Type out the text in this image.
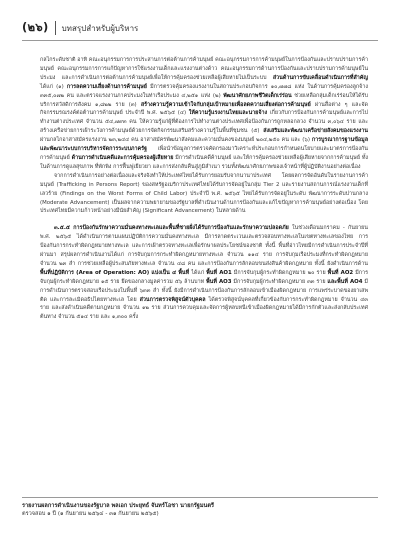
(๒๖) บทสรุปสำหรับผู้บริหาร

กลไกระดับชาติ อาทิ คณะอนุกรรมการการประสานการต่อต้านการค้ามนุษย์ คณะอนุกรรมการการค้ามนุษย์ในการป้องกันและปราบปรามการค้ามนุษย์ คณะอนุกรรมการการแก้ปัญหาการใช้แรงงานเด็กและแรงงานต่างด้าว คณะอนุกรรมการด้านการป้องกันและปราบปรามการค้ามนุษย์ในประมง และการดำเนินการต่อต้านการค้ามนุษย์เพื่อให้การคุ้มครองช่วยเหลือผู้เสียหายไม่เป็นระบบ ส่วนด้านการขับเคลื่อนดำเนินการที่สำคัญ ได้แก่ (๑) การลดความเสี่ยงด้านการค้ามนุษย์ มีการตรวจคุ้มครองแรงงานในสถานประกอบกิจการ ๑๐,๗๗๘ แห่ง ในด้านการคุ้มครองลูกจ้าง ๓๓๕,๐๗๒ คน และตรวจแรงงานภาคประมงในท่าเรือประมง ๔,๒๕๑ แห่ง (๒) พัฒนาศักยภาพชีวิตเด็กเร่ร่อน ช่วยเหลือกลุ่มเด็กเร่ร่อนให้ได้รับบริการสวัสดิการสังคม ๑,๘๒๒ ราย (๓) สร้างความรู้ความเข้าใจกับกลุ่มเป้าหมายเพื่อลดความเสี่ยงต่อการค้ามนุษย์ ผ่านสื่อต่าง ๆ และจัดกิจกรรมรณรงค์ต่อต้านการค้ามนุษย์ ประจำปี พ.ศ. ๒๕๖๕ (๔) ให้ความรู้แรงงานไทยและนายจ้าง เกี่ยวกับการป้องกันการค้ามนุษย์และการไปทำงานต่างประเทศ จำนวน ๕๔,๗๙๓ คน ให้ความรู้แก่ผู้ที่ต้องการไปทำงานต่างประเทศเพื่อป้องกันการถูกหลอกลวง จำนวน ๓,๐๖๔ ราย และสร้างเครือข่ายการเฝ้าระวังการค้ามนุษย์ด้วยการจัดกิจกรรมเสริมสร้างความรู้ในพื้นที่ชุมชน (๕) ส่งเสริมและพัฒนาเครือข่ายสังคมของแรงงาน ผ่านกลไกอาสาสมัครแรงงาน ๒๓,๒๔๔ คน อาสาสมัครพัฒนาสังคมและความมั่นคงของมนุษย์ ๒๐๔,๒๕๐ คน และ (๖) การบูรณาการฐานข้อมูลและพัฒนาระบบการบริหารจัดการระบบภาครัฐ เพื่อนำข้อมูลการตรวจคัดกรองมาวิเคราะห์ประกอบการกำหนดนโยบายและมาตรการป้องกันการค้ามนุษย์ ด้านการดำเนินคดีและการคุ้มครองผู้เสียหาย มีการดำเนินคดีค้ามนุษย์ และให้การคุ้มครองช่วยเหลือผู้เสียหายจากการค้ามนุษย์ ทั้งในด้านการดูแลสุขภาพ ที่พักพิง การฟื้นฟูเยียวยา และการส่งกลับคืนสู่ภูมิลำเนา รวมทั้งพัฒนาศักยภาพของเจ้าหน้าที่ผู้ปฏิบัติงานอย่างต่อเนื่อง

จากการดำเนินการอย่างต่อเนื่องและจริงจังทำให้ประเทศไทยได้รับการยอมรับจากนานาประเทศ โดยผลการจัดอันดับในรายงานการค้ามนุษย์ (Trafficking in Persons Report) ของสหรัฐอเมริกาประเทศไทยได้รับการจัดอยู่ในกลุ่ม Tier 2 และรายงานสถานการณ์แรงงานเด็กที่เลวร้าย (Findings on the Worst Forms of Child Labor) ประจำปี พ.ศ. ๒๕๖๕ ไทยได้รับการจัดอยู่ในระดับ พัฒนาการระดับปานกลาง (Moderate Advancement) เป็นผลจากความพยายามของรัฐบาลที่ดำเนินงานด้านการป้องกันและแก้ไขปัญหาการค้ามนุษย์อย่างต่อเนื่อง โดยประเทศไทยมีความก้าวหน้าอย่างมีนัยสำคัญ (Significant Advancement) ในหลายด้าน

๓.๕.๕ การป้องกันรักษาความมั่นคงทางทะเลและพื้นที่ชายฝั่งได้รับการป้องกันและรักษาความปลอดภัย ในช่วงเดือนมกราคม - กันยายน พ.ศ. ๒๕๖๕ ได้ดำเนินการตามแผนปฏิบัติการความมั่นคงทางทะเล มีการลาดตระเวนและตรวจสอบทางทะเลในเขตทางทะเลของไทย การป้องกันการกระทำผิดกฎหมายทางทะเล และการเฝ้าตรวจทางทะเลเพื่อรักษาผลประโยชน์ของชาติ ทั้งนี้ พื้นที่อ่าวไทยมีการดำเนินการประจำปีที่ผ่านมา สรุปผลการดำเนินงานได้แก่ การจับกุมการกระทำผิดกฎหมายทางทะเล จำนวน ๑๑๔ ราย การจับกุมเรือประมงที่กระทำผิดกฎหมาย จำนวน ๒๓ ลำ การช่วยเหลือผู้ประสบภัยทางทะเล จำนวน ๔๘ คน และการป้องกันการลักลอบขนส่งสินค้าผิดกฎหมาย ทั้งนี้ ยังดำเนินการด้าน พื้นที่ปฏิบัติการ (Area of Operation: AO) แบ่งเป็น ๔ พื้นที่ ได้แก่ พื้นที่ AO1 มีการจับกุมผู้กระทำผิดกฎหมาย ๒๐ ราย พื้นที่ AO2 มีการจับกุมผู้กระทำผิดกฎหมาย ๑๕ ราย ยึดของกลางมูลค่ารวม ๕๖ ล้านบาท พื้นที่ AO3 มีการจับกุมผู้กระทำผิดกฎหมาย ๓๓ ราย และพื้นที่ AO4 มีการดำเนินการตรวจสอบเรือประมงในพื้นที่ ๖๓๓ ลำ ทั้งนี้ ยังมีการดำเนินการป้องกันการลักลอบเข้าเมืองผิดกฎหมาย การแพร่ระบาดของยาเสพติด และการละเมิดอธิปไตยทางทะเล โดย ส่วนการตรวจพิสูจน์ตัวบุคคล ได้ตรวจพิสูจน์บุคคลที่เกี่ยวข้องกับการกระทำผิดกฎหมาย จำนวน ๔๓ ราย และส่งดำเนินคดีตามกฎหมาย จำนวน ๑๒ ราย ส่วนการควบคุมและจัดการผู้หลบหนีเข้าเมืองผิดกฎหมายได้มีการกักตัวและส่งกลับประเทศต้นทาง จำนวน ๕๑๔ ราย และ ๑,๓๐๐ ครั้ง

รายงานผลการดำเนินงานของรัฐบาล พลเอก ประยุทธ์ จันทร์โอชา นายกรัฐมนตรี
ตรวจสอบ ๑ ปี (๑ กันยายน ๒๕๖๔ - ๓๑ กันยายน ๒๕๖๕)
